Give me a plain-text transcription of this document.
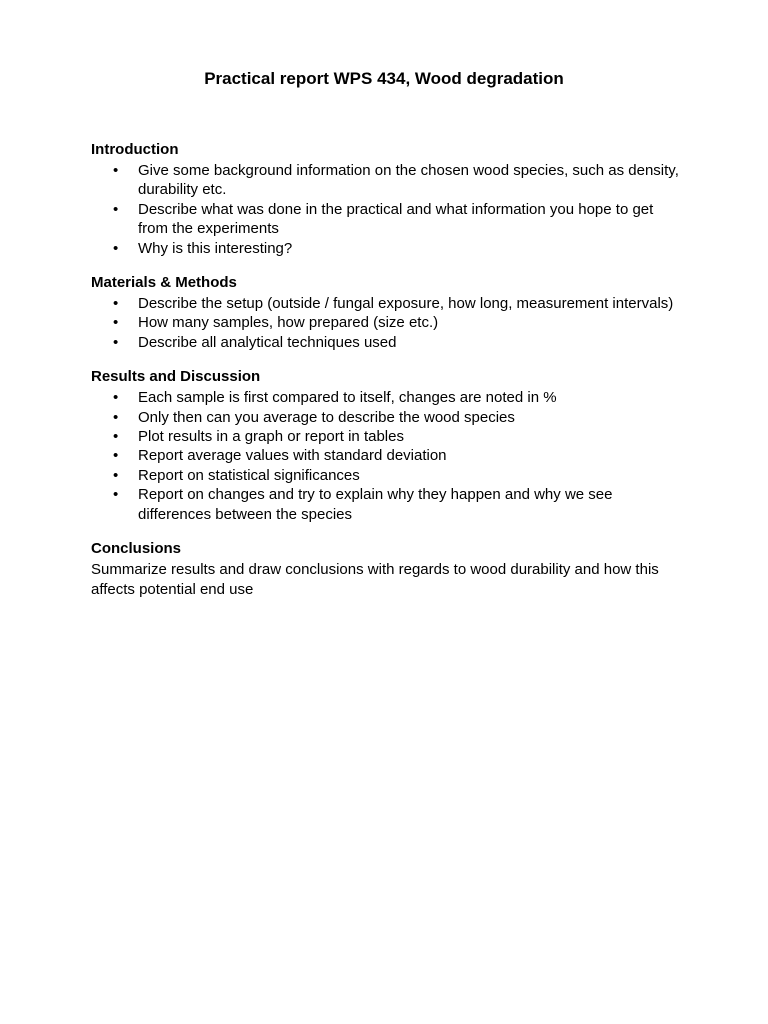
Practical report WPS 434, Wood degradation
Introduction
• Give some background information on the chosen wood species, such as density, durability etc.
• Describe what was done in the practical and what information you hope to get from the experiments
• Why is this interesting?
Materials & Methods
• Describe the setup (outside / fungal exposure, how long, measurement intervals)
• How many samples, how prepared (size etc.)
• Describe all analytical techniques used
Results and Discussion
• Each sample is first compared to itself, changes are noted in %
• Only then can you average to describe the wood species
• Plot results in a graph or report in tables
• Report average values with standard deviation
• Report on statistical significances
• Report on changes and try to explain why they happen and why we see differences between the species
Conclusions

Summarize results and draw conclusions with regards to wood durability and how this affects potential end use
